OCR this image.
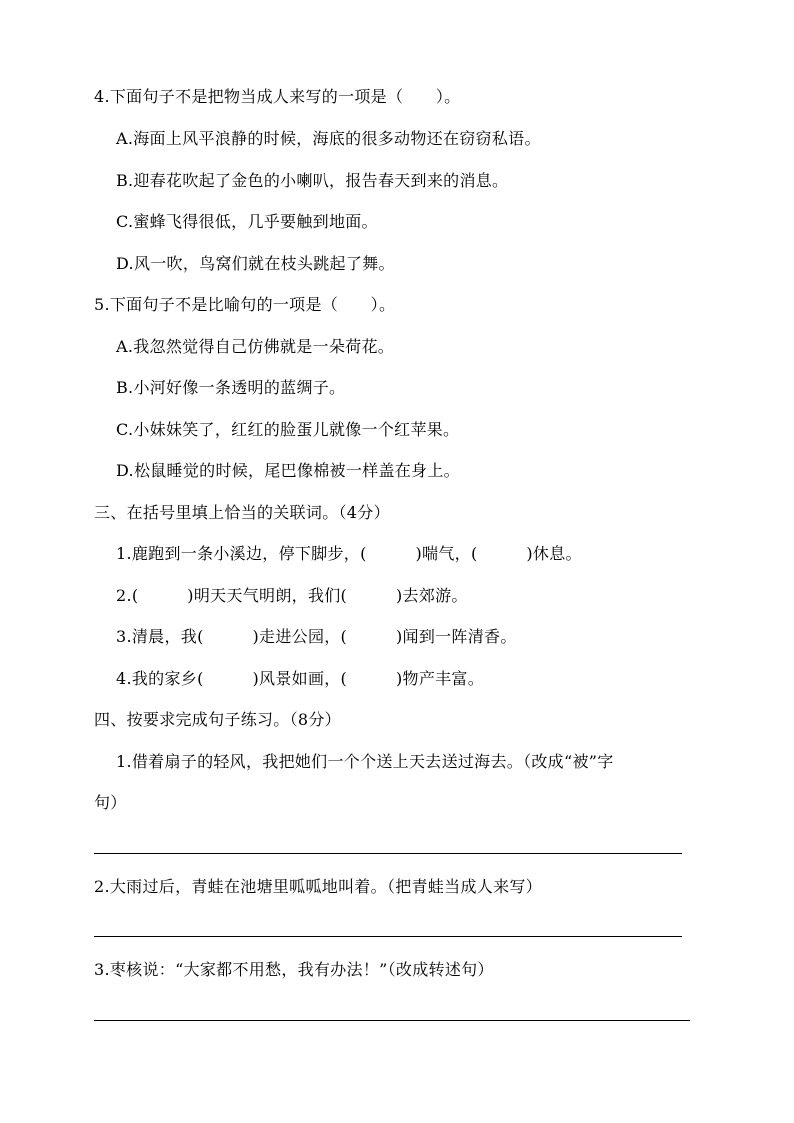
4.下面句子不是把物当成人来写的一项是（　　）。
A.海面上风平浪静的时候，海底的很多动物还在窃窃私语。
B.迎春花吹起了金色的小喇叭，报告春天到来的消息。
C.蜜蜂飞得很低，几乎要触到地面。
D.风一吹，鸟窝们就在枝头跳起了舞。
5.下面句子不是比喻句的一项是（　　）。
A.我忽然觉得自己仿佛就是一朵荷花。
B.小河好像一条透明的蓝绸子。
C.小妹妹笑了，红红的脸蛋儿就像一个红苹果。
D.松鼠睡觉的时候，尾巴像棉被一样盖在身上。
三、在括号里填上恰当的关联词。（4分）
1.鹿跑到一条小溪边，停下脚步，(　　　)喘气，(　　　)休息。
2.(　　　)明天天气明朗，我们(　　　)去郊游。
3.清晨，我(　　　)走进公园，(　　　)闻到一阵清香。
4.我的家乡(　　　)风景如画，(　　　)物产丰富。
四、按要求完成句子练习。（8分）
1.借着扇子的轻风，我把她们一个个送上天去送过海去。（改成“被”字
句）
2.大雨过后，青蛙在池塘里呱呱地叫着。（把青蛙当成人来写）
3.枣核说：“大家都不用愁，我有办法！”（改成转述句）
